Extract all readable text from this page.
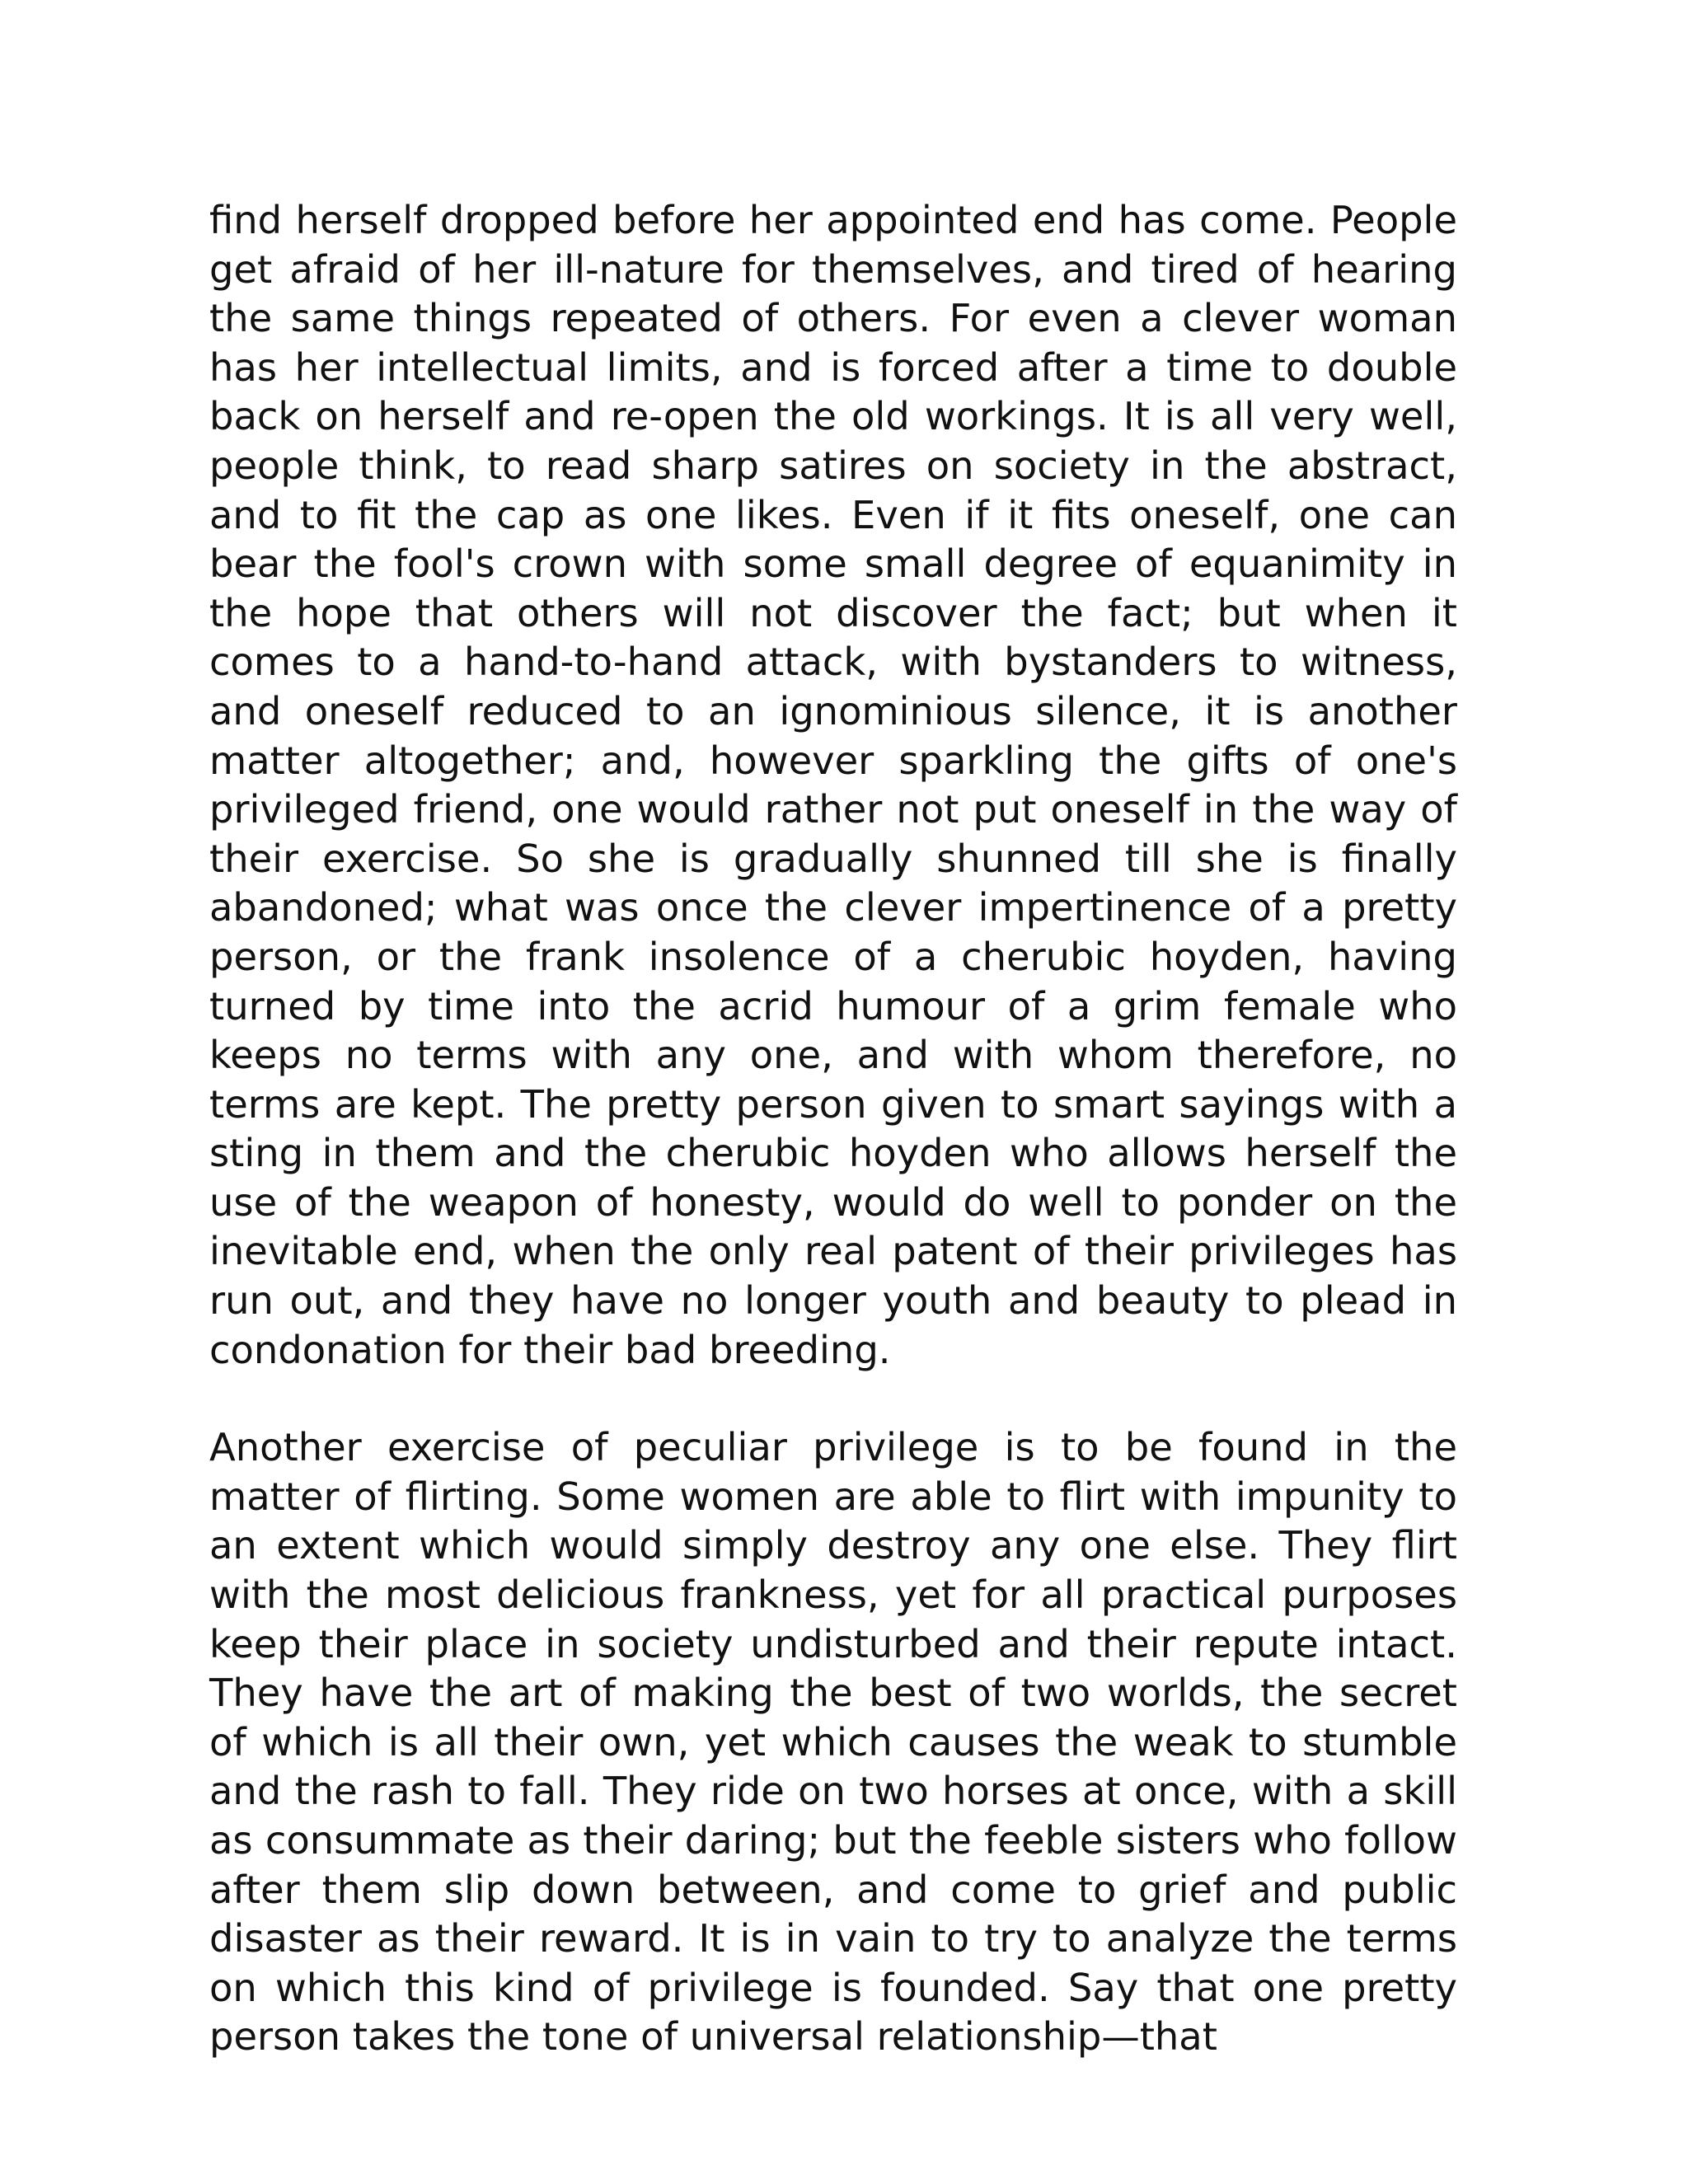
find herself dropped before her appointed end has come. People get afraid of her ill-nature for themselves, and tired of hearing the same things repeated of others. For even a clever woman has her intellectual limits, and is forced after a time to double back on herself and re-open the old workings. It is all very well, people think, to read sharp satires on society in the abstract, and to fit the cap as one likes. Even if it fits oneself, one can bear the fool's crown with some small degree of equanimity in the hope that others will not discover the fact; but when it comes to a hand-to-hand attack, with bystanders to witness, and oneself reduced to an ignominious silence, it is another matter altogether; and, however sparkling the gifts of one's privileged friend, one would rather not put oneself in the way of their exercise. So she is gradually shunned till she is finally abandoned; what was once the clever impertinence of a pretty person, or the frank insolence of a cherubic hoyden, having turned by time into the acrid humour of a grim female who keeps no terms with any one, and with whom therefore, no terms are kept. The pretty person given to smart sayings with a sting in them and the cherubic hoyden who allows herself the use of the weapon of honesty, would do well to ponder on the inevitable end, when the only real patent of their privileges has run out, and they have no longer youth and beauty to plead in condonation for their bad breeding.

Another exercise of peculiar privilege is to be found in the matter of flirting. Some women are able to flirt with impunity to an extent which would simply destroy any one else. They flirt with the most delicious frankness, yet for all practical purposes keep their place in society undisturbed and their repute intact. They have the art of making the best of two worlds, the secret of which is all their own, yet which causes the weak to stumble and the rash to fall. They ride on two horses at once, with a skill as consummate as their daring; but the feeble sisters who follow after them slip down between, and come to grief and public disaster as their reward. It is in vain to try to analyze the terms on which this kind of privilege is founded. Say that one pretty person takes the tone of universal relationship—that
